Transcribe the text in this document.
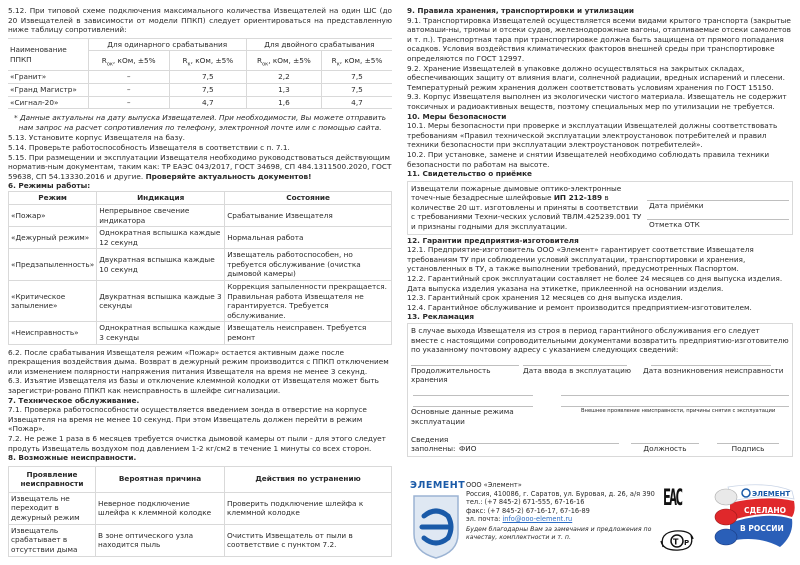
5.12. При типовой схеме подключения максимального количества Извещателей на один ШС (до 20 Извещателей в зависимости от модели ППКП) следует ориентироваться на представленную ниже таблицу сопротивлений:

Наименование ППКП	Для одинарного срабатывания		Для двойного срабатывания	
	$R_{ок}$, кОм, ±5%	$R_к$, кОм, ±5%	$R_{ок}$, кОм, ±5%	$R_к$, кОм, ±5%
«Гранит»	–	7,5	2,2	7,5
«Гранд Магистр»	–	7,5	1,3	7,5
«Сигнал-20»	–	4,7	1,6	4,7

* Данные актуальны на дату выпуска Извещателей. При необходимости, Вы можете отправить нам запрос на расчет сопротивления по телефону, электронной почте или с помощью сайта.

5.13. Установите корпус Извещателя на базу.

5.14. Проверьте работоспособность Извещателя в соответствии с п. 7.1.

5.15. При размещении и эксплуатации Извещателя необходимо руководствоваться действующим норматив-ным документам, таким как: ТР ЕАЭС 043/2017, ГОСТ 34698, СП 484.1311500.2020, ГОСТ 59638, СП 54.13330.2016 и другие. Проверяйте актуальность документов!

6. Режимы работы:

Режим	Индикация	Состояние
«Пожар»	Непрерывное свечение индикатора	Срабатывание Извещателя
«Дежурный режим»	Однократная вспышка каждые 12 секунд	Нормальная работа
«Предзапыленность»	Двукратная вспышка каждые 10 секунд	Извещатель работоспособен, но требуется обслуживание (очистка дымовой камеры)
«Критическое запыление»	Двукратная вспышка каждые 3 секунды	Коррекция запыленности прекращается. Правильная работа Извещателя не гарантируется. Требуется обслуживание.
«Неисправность»	Однократная вспышка каждые 3 секунды	Извещатель неисправен. Требуется ремонт

6.2. После срабатывания Извещателя режим «Пожар» остается активным даже после прекращения воздействия дыма. Возврат в дежурный режим производится с ППКП отключением или изменением полярности напряжения питания Извещателя на время не менее 3 секунд.

6.3. Изъятие Извещателя из базы и отключение клеммной колодки от Извещателя может быть зарегистри-ровано ППКП как неисправность в шлейфе сигнализации.

7. Техническое обслуживание.

7.1. Проверка работоспособности осуществляется введением зонда в отверстие на корпусе Извещателя на время не менее 10 секунд. При этом Извещатель должен перейти в режим «Пожар».

7.2. Не реже 1 раза в 6 месяцев требуется очистка дымовой камеры от пыли - для этого следует продуть Извещатель воздухом под давлением 1-2 кг/см2 в течение 1 минуты со всех сторон.

8. Возможные неисправности.

Проявление неисправности	Вероятная причина	Действия по устранению
Извещатель не переходит в дежурный режим	Неверное подключение шлейфа к клеммной колодке	Проверить подключение шлейфа к клеммной колодке
Извещатель срабатывает в отсутствии дыма	В зоне оптического узла находится пыль	Очистить Извещатель от пыли в соответствие с пунктом 7.2.

9. Правила хранения, транспортировки и утилизации

9.1. Транспортировка Извещателей осуществляется всеми видами крытого транспорта (закрытые автомаши-ны, трюмы и отсеки судов, железнодорожные вагоны, отапливаемые отсеки самолетов и т. п.). Транспортная тара при транспортировке должна быть защищена от прямого попадания осадков. Условия воздействия климатических факторов внешней среды при транспортировке определяются по ГОСТ 12997.

9.2. Хранение Извещателей в упаковке должно осуществляться на закрытых складах, обеспечивающих защиту от влияния влаги, солнечной радиации, вредных испарений и плесени. Температурный режим хранения должен соответствовать условиям хранения по ГОСТ 15150.

9.3. Корпус Извещателя выполнен из экологически чистого материала. Извещатель не содержит токсичных и радиоактивных веществ, поэтому специальных мер по утилизации не требуется.

10. Меры безопасности

10.1. Меры безопасности при проверке и эксплуатации Извещателей должны соответствовать требованиям «Правил технической эксплуатации электроустановок потребителей и правил техники безопасности при эксплуатации электроустановок потребителей».

10.2. При установке, замене и снятии Извещателей необходимо соблюдать правила техники безопасности по работам на высоте.

11. Свидетельство о приёмке

Извещатели пожарные дымовые оптико-электронные точеч-ные безадресные шлейфовые ИП 212-189 в количестве 20 шт. изготовлены и приняты в соответствии с требованиями Техни-ческих условий ТВЛМ.425239.001 ТУ и признаны годными для эксплуатации.
Дата приёмки
Отметка ОТК

12. Гарантии предприятия-изготовителя

12.1. Предприятие-изготовитель ООО «Элемент» гарантирует соответствие Извещателя требованиям ТУ при соблюдении условий эксплуатации, транспортировки и хранения, установленных в ТУ, а также выполнении требований, предусмотренных Паспортом.

12.2. Гарантийный срок эксплуатации составляет не более 24 месяцев со дня выпуска изделия. Дата выпуска изделия указана на этикетке, приклеенной на основании изделия.

12.3. Гарантийный срок хранения 12 месяцев со дня выпуска изделия.

12.4. Гарантийное обслуживание и ремонт производится предприятием-изготовителем.

13. Рекламация

В случае выхода Извещателя из строя в период гарантийного обслуживания его следует вместе с настоящими сопроводительными документами возвратить предприятию-изготовителю по указанному почтовому адресу с указанием следующих сведений:

Продолжительность хранения
Дата ввода в эксплуатацию	Дата возникновения неисправности
Основные данные режима эксплуатации
Внешнее проявление неисправности, причины снятия с эксплуатации
Сведения заполнены: ФИО	Должность	Подпись
ЭЛЕМЕНТ ООО «Элемент»
Россия, 410086, г. Саратов, ул. Буровая, д. 26, а/я 390
тел.: (+7 845-2) 671-555, 67-16-16
факс: (+7 845-2) 67-16-17, 67-16-89
эл. почта: info@ooo-element.ru
Будем благодарны Вам за замечания и предложения по качеству, комплектности и т. п.
EAC
Т Р
ЭЛЕМЕНТ
СДЕЛАНО
В РОССИИ
